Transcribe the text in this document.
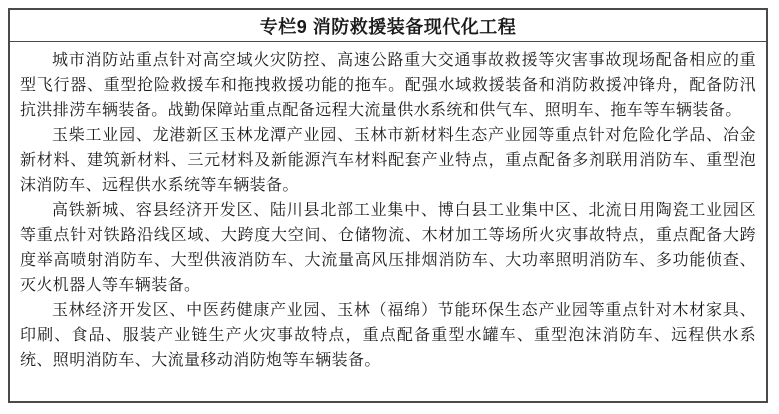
专栏9 消防救援装备现代化工程

城市消防站重点针对高空域火灾防控、高速公路重大交通事故救援等灾害事故现场配备相应的重型飞行器、重型抢险救援车和拖拽救援功能的拖车。配强水域救援装备和消防救援冲锋舟，配备防汛抗洪排涝车辆装备。战勤保障站重点配备远程大流量供水系统和供气车、照明车、拖车等车辆装备。

玉柴工业园、龙港新区玉林龙潭产业园、玉林市新材料生态产业园等重点针对危险化学品、冶金新材料、建筑新材料、三元材料及新能源汽车材料配套产业特点，重点配备多剂联用消防车、重型泡沫消防车、远程供水系统等车辆装备。

高铁新城、容县经济开发区、陆川县北部工业集中、博白县工业集中区、北流日用陶瓷工业园区等重点针对铁路沿线区域、大跨度大空间、仓储物流、木材加工等场所火灾事故特点，重点配备大跨度举高喷射消防车、大型供液消防车、大流量高风压排烟消防车、大功率照明消防车、多功能侦查、灭火机器人等车辆装备。

玉林经济开发区、中医药健康产业园、玉林（福绵）节能环保生态产业园等重点针对木材家具、印刷、食品、服装产业链生产火灾事故特点，重点配备重型水罐车、重型泡沫消防车、远程供水系统、照明消防车、大流量移动消防炮等车辆装备。
